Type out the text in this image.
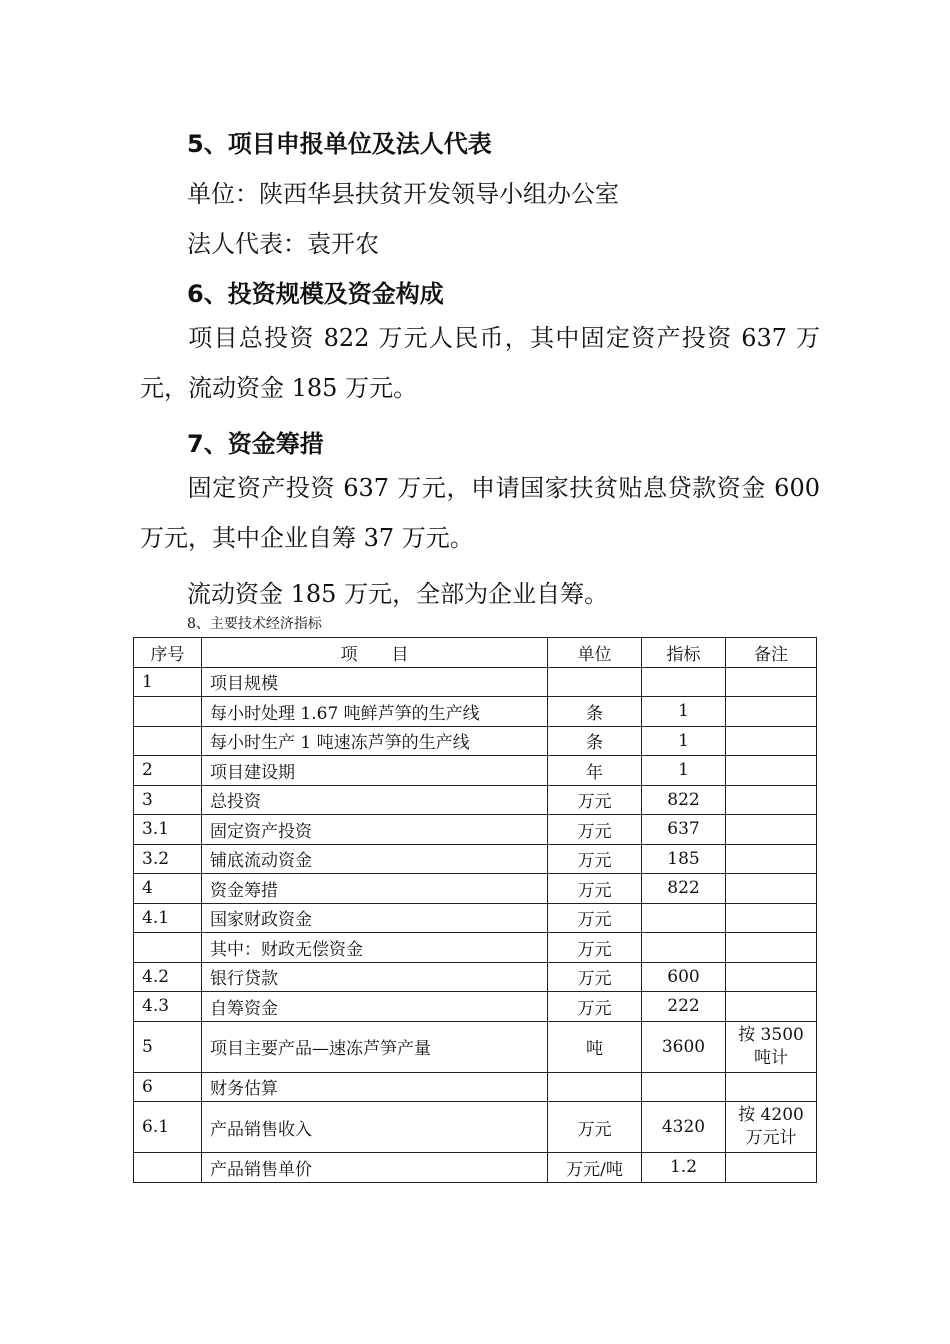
5、项目申报单位及法人代表
单位：陕西华县扶贫开发领导小组办公室
法人代表：袁开农
6、投资规模及资金构成
项目总投资 822 万元人民币，其中固定资产投资 637 万元，流动资金 185 万元。
7、资金筹措
固定资产投资 637 万元，申请国家扶贫贴息贷款资金 600 万元，其中企业自筹 37 万元。
流动资金 185 万元，全部为企业自筹。
8、主要技术经济指标
序号	项　　目	单位	指标	备注
1	项目规模			
	每小时处理 1.67 吨鲜芦笋的生产线	条	1	
	每小时生产 1 吨速冻芦笋的生产线	条	1	
2	项目建设期	年	1	
3	总投资	万元	822	
3.1	固定资产投资	万元	637	
3.2	铺底流动资金	万元	185	
4	资金筹措	万元	822	
4.1	国家财政资金	万元		
	其中：财政无偿资金	万元		
4.2	银行贷款	万元	600	
4.3	自筹资金	万元	222	
5	项目主要产品—速冻芦笋产量	吨	3600	按 3500
吨计
6	财务估算			
6.1	产品销售收入	万元	4320	按 4200
万元计
	产品销售单价	万元/吨	1.2	
